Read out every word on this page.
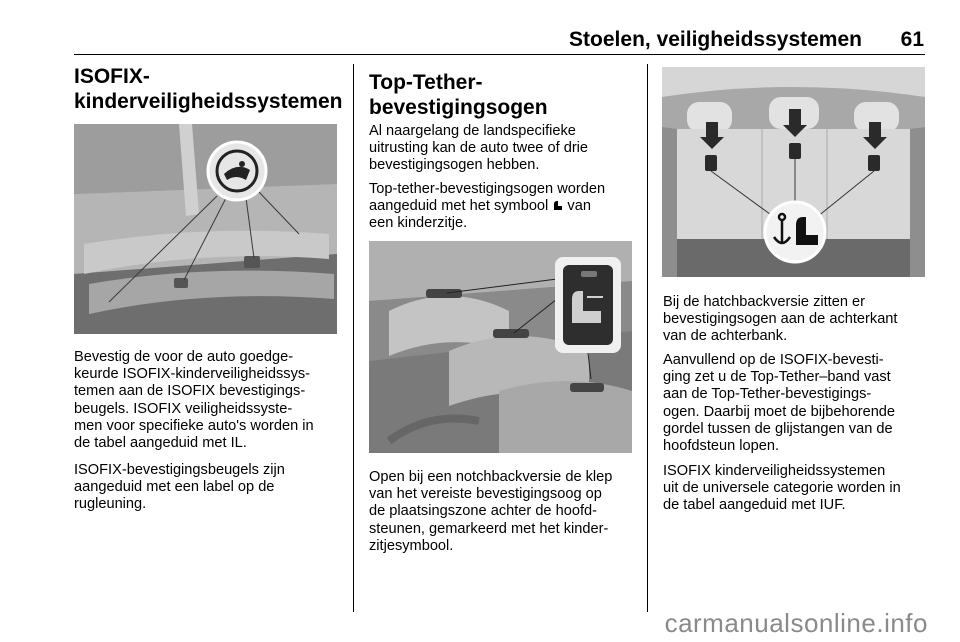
Stoelen, veiligheidssystemen 61
ISOFIX-
kinderveiligheidssystemen

Bevestig de voor de auto goedge-
keurde ISOFIX-kinderveiligheidssys-
temen aan de ISOFIX bevestigings-
beugels. ISOFIX veiligheidssyste-
men voor specifieke auto's worden in
de tabel aangeduid met IL.

ISOFIX-bevestigingsbeugels zijn
aangeduid met een label op de
rugleuning.

Top-Tether-
bevestigingsogen

Al naargelang de landspecifieke
uitrusting kan de auto twee of drie
bevestigingsogen hebben.

Top-tether-bevestigingsogen worden
aangeduid met het symbool van
een kinderzitje.

Open bij een notchbackversie de klep
van het vereiste bevestigingsoog op
de plaatsingszone achter de hoofd-
steunen, gemarkeerd met het kinder-
zitjesymbool.

Bij de hatchbackversie zitten er
bevestigingsogen aan de achterkant
van de achterbank.

Aanvullend op de ISOFIX-bevesti-
ging zet u de Top-Tether–band vast
aan de Top-Tether-bevestigings-
ogen. Daarbij moet de bijbehorende
gordel tussen de glijstangen van de
hoofdsteun lopen.

ISOFIX kinderveiligheidssystemen
uit de universele categorie worden in
de tabel aangeduid met IUF.

carmanualsonline.info
